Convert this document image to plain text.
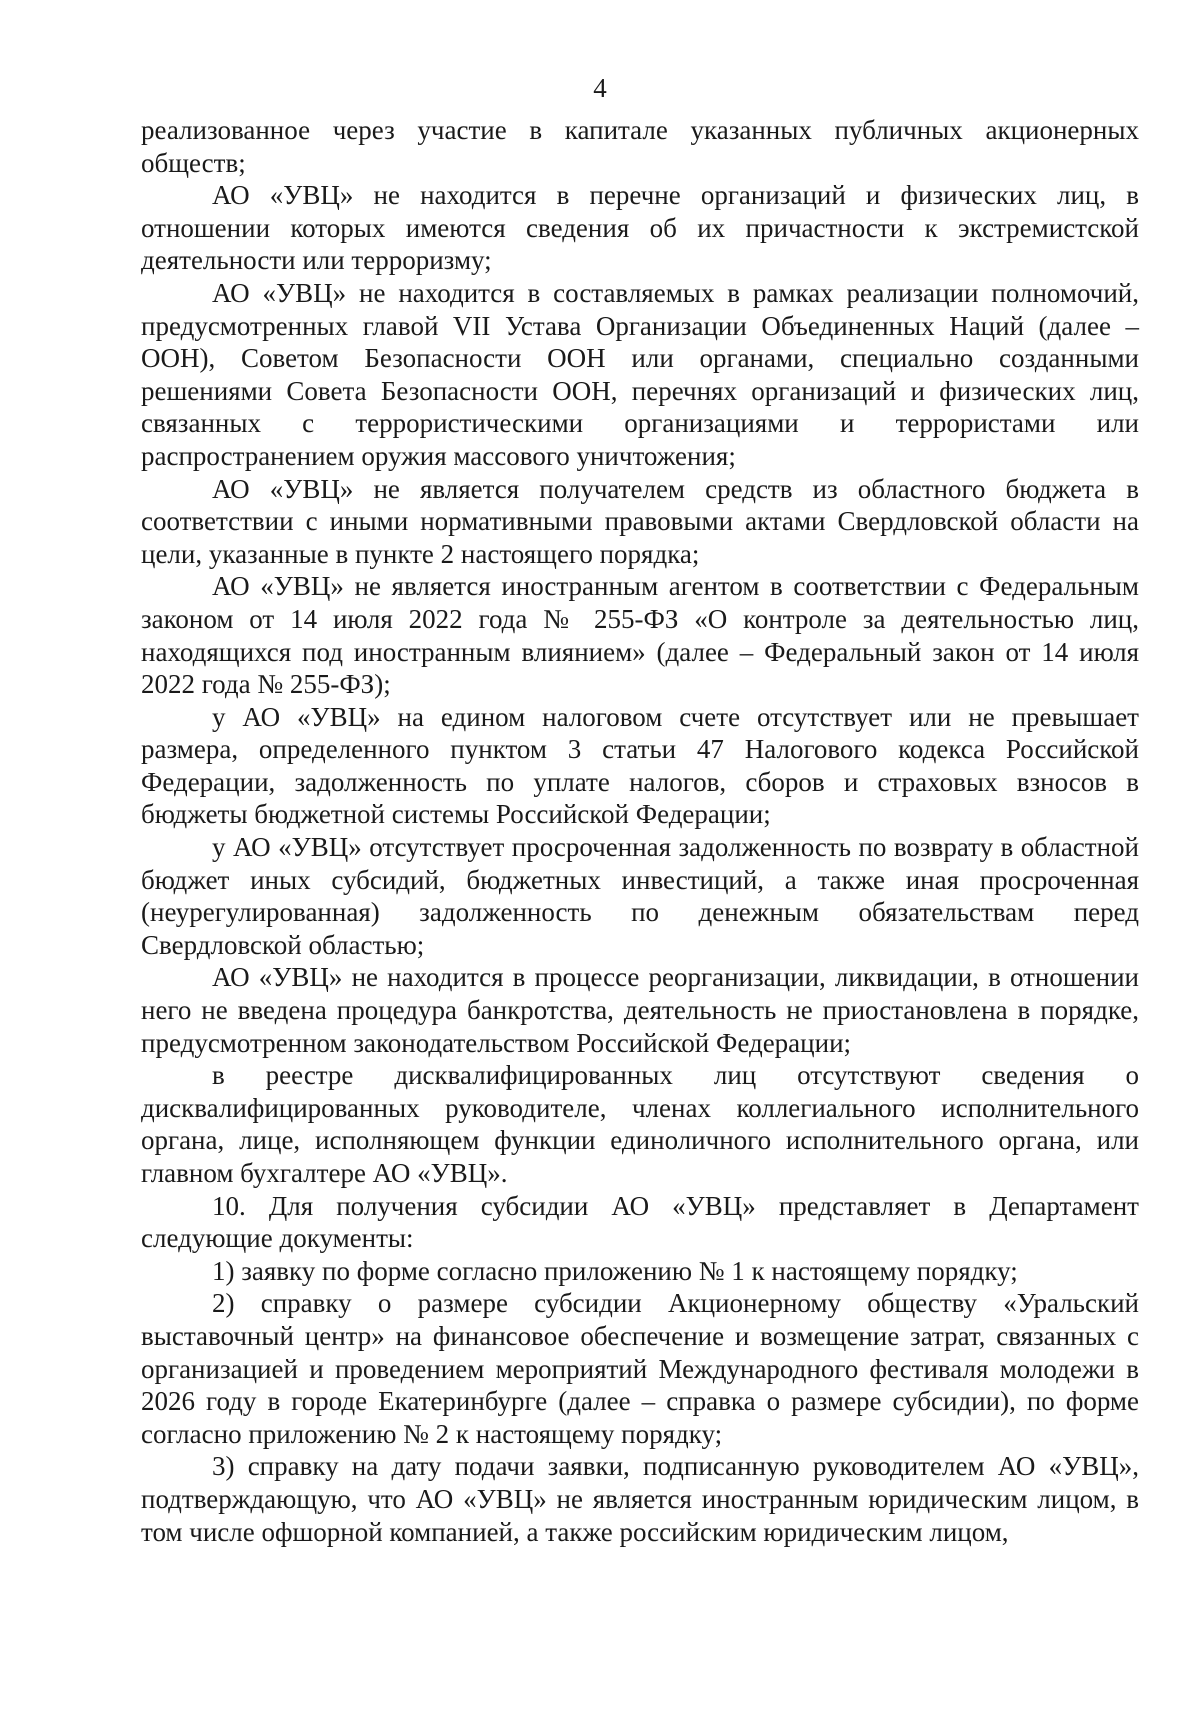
4

реализованное через участие в капитале указанных публичных акционерных обществ;

АО «УВЦ» не находится в перечне организаций и физических лиц, в отношении которых имеются сведения об их причастности к экстремистской деятельности или терроризму;

АО «УВЦ» не находится в составляемых в рамках реализации полномочий, предусмотренных главой VII Устава Организации Объединенных Наций (далее – ООН), Советом Безопасности ООН или органами, специально созданными решениями Совета Безопасности ООН, перечнях организаций и физических лиц, связанных с террористическими организациями и террористами или распространением оружия массового уничтожения;

АО «УВЦ» не является получателем средств из областного бюджета в соответствии с иными нормативными правовыми актами Свердловской области на цели, указанные в пункте 2 настоящего порядка;

АО «УВЦ» не является иностранным агентом в соответствии с Федеральным законом от 14 июля 2022 года № 255-ФЗ «О контроле за деятельностью лиц, находящихся под иностранным влиянием» (далее – Федеральный закон от 14 июля 2022 года № 255-ФЗ);

у АО «УВЦ» на едином налоговом счете отсутствует или не превышает размера, определенного пунктом 3 статьи 47 Налогового кодекса Российской Федерации, задолженность по уплате налогов, сборов и страховых взносов в бюджеты бюджетной системы Российской Федерации;

у АО «УВЦ» отсутствует просроченная задолженность по возврату в областной бюджет иных субсидий, бюджетных инвестиций, а также иная просроченная (неурегулированная) задолженность по денежным обязательствам перед Свердловской областью;

АО «УВЦ» не находится в процессе реорганизации, ликвидации, в отношении него не введена процедура банкротства, деятельность не приостановлена в порядке, предусмотренном законодательством Российской Федерации;

в реестре дисквалифицированных лиц отсутствуют сведения о дисквалифицированных руководителе, членах коллегиального исполнительного органа, лице, исполняющем функции единоличного исполнительного органа, или главном бухгалтере АО «УВЦ».

10. Для получения субсидии АО «УВЦ» представляет в Департамент следующие документы:

1) заявку по форме согласно приложению № 1 к настоящему порядку;

2) справку о размере субсидии Акционерному обществу «Уральский выставочный центр» на финансовое обеспечение и возмещение затрат, связанных с организацией и проведением мероприятий Международного фестиваля молодежи в 2026 году в городе Екатеринбурге (далее – справка о размере субсидии), по форме согласно приложению № 2 к настоящему порядку;

3) справку на дату подачи заявки, подписанную руководителем АО «УВЦ», подтверждающую, что АО «УВЦ» не является иностранным юридическим лицом, в том числе офшорной компанией, а также российским юридическим лицом,
